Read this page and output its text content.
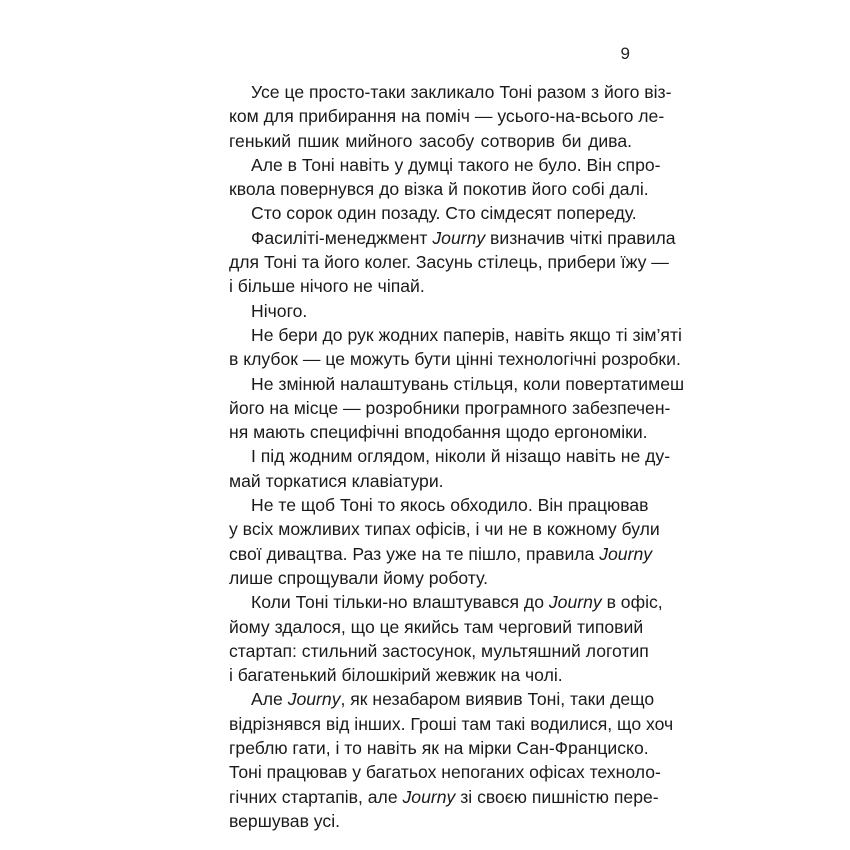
9
Усе це просто-таки закликало Тоні разом з його віз-
ком для прибирання на поміч — усього-на-всього ле-
генький пшик мийного засобу сотворив би дива.
Але в Тоні навіть у думці такого не було. Він спро-
кволa повернувся до візка й покотив його собі далі.
Сто сорок один позаду. Сто сімдесят попереду.
Фасиліті-менеджмент Journy визначив чіткі правила
для Тоні та його колег. Засунь стілець, прибери їжу —
і більше нічого не чіпай.
Нічого.
Не бери до рук жодних паперів, навіть якщо ті зім’яті
в клубок — це можуть бути цінні технологічні розробки.
Не змінюй налаштувань стільця, коли повертатимеш
його на місце — розробники програмного забезпечен-
ня мають специфічні вподобання щодо ергономіки.
І під жодним оглядом, ніколи й нізащо навіть не ду-
май торкатися клавіатури.
Не те щоб Тоні то якось обходило. Він працював
у всіх можливих типах офісів, і чи не в кожному були
свої дивацтва. Раз уже на те пішло, правила Journy
лише спрощували йому роботу.
Коли Тоні тільки-но влаштувався до Journy в офіс,
йому здалося, що це якийсь там черговий типовий
стартап: стильний застосунок, мультяшний логотип
і багатенький білошкірий жевжик на чолі.
Але Journy, як незабаром виявив Тоні, таки дещо
відрізнявся від інших. Гроші там такі водилися, що хоч
греблю гати, і то навіть як на мірки Сан-Франциско.
Тоні працював у багатьох непоганих офісах техноло-
гічних стартапів, але Journy зі своєю пишністю пере-
вершував усі.
